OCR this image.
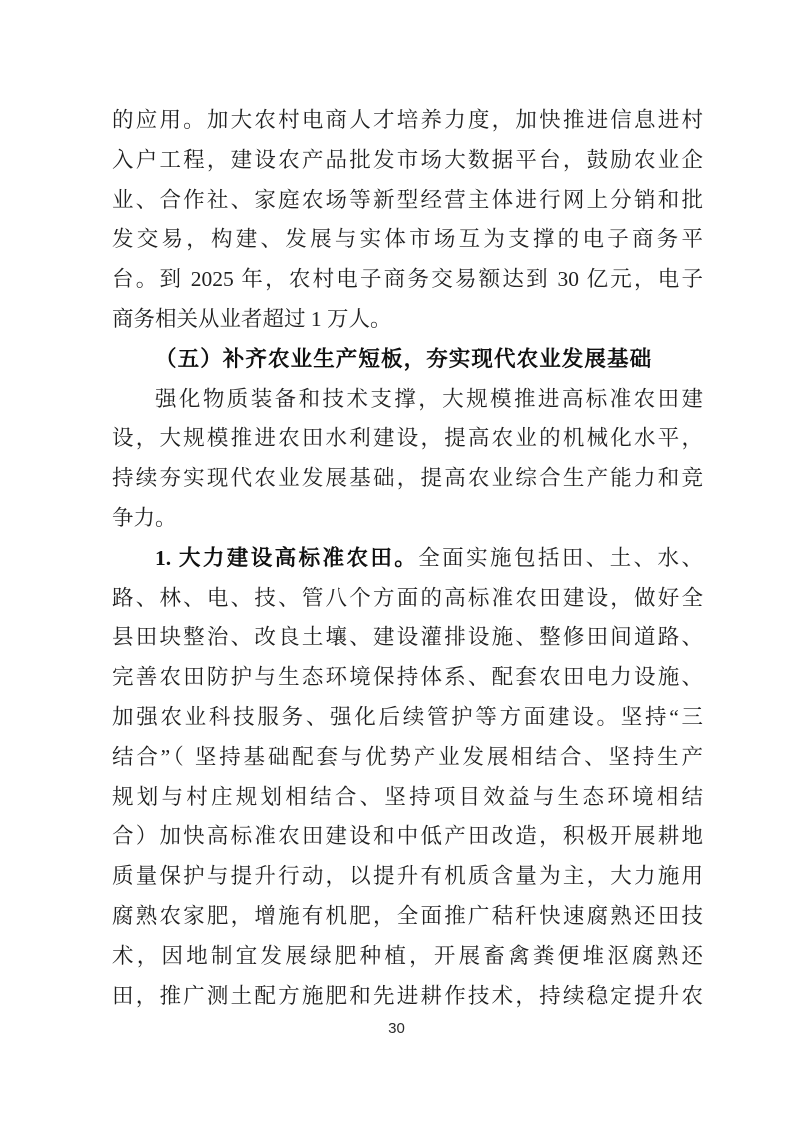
的应用。加大农村电商人才培养力度，加快推进信息进村
入户工程，建设农产品批发市场大数据平台，鼓励农业企
业、合作社、家庭农场等新型经营主体进行网上分销和批
发交易，构建、发展与实体市场互为支撑的电子商务平
台。到 2025 年，农村电子商务交易额达到 30 亿元，电子
商务相关从业者超过 1 万人。
（五）补齐农业生产短板，夯实现代农业发展基础
强化物质装备和技术支撑，大规模推进高标准农田建
设，大规模推进农田水利建设，提高农业的机械化水平，
持续夯实现代农业发展基础，提高农业综合生产能力和竞
争力。
1. 大力建设高标准农田。全面实施包括田、土、水、
路、林、电、技、管八个方面的高标准农田建设，做好全
县田块整治、改良土壤、建设灌排设施、整修田间道路、
完善农田防护与生态环境保持体系、配套农田电力设施、
加强农业科技服务、强化后续管护等方面建设。坚持“三
结合”（ 坚持基础配套与优势产业发展相结合、坚持生产
规划与村庄规划相结合、坚持项目效益与生态环境相结
合）加快高标准农田建设和中低产田改造，积极开展耕地
质量保护与提升行动，以提升有机质含量为主，大力施用
腐熟农家肥，增施有机肥，全面推广秸秆快速腐熟还田技
术，因地制宜发展绿肥种植，开展畜禽粪便堆沤腐熟还
田，推广测土配方施肥和先进耕作技术，持续稳定提升农
30
